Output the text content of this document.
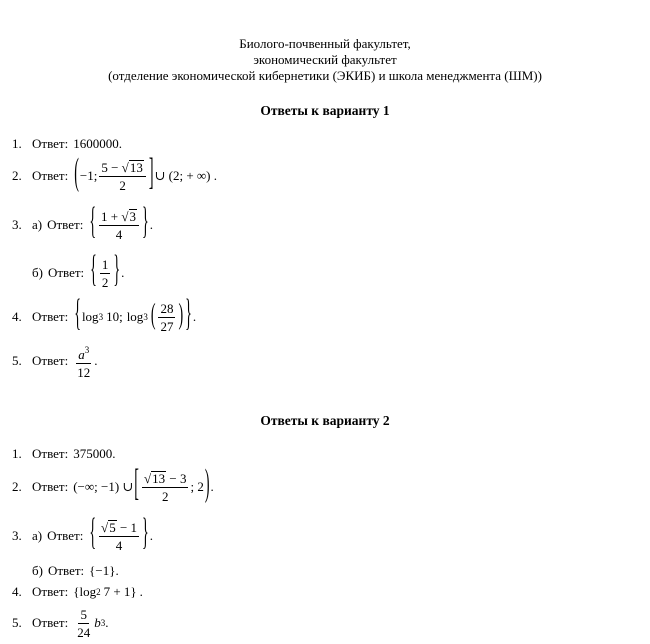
Биолого-почвенный факультет,
экономический факультет
(отделение экономической кибернетики (ЭКИБ) и школа менеджмента (ШМ))
Ответы к варианту 1
1. Ответ: 1600000.
2. Ответ: ( −1; $\frac{5 - √ 13}{2}$ ] ∪ (2; + ∞) .
3. а) Ответ: { $\frac{1 + √ 3}{4}$ } .
б) Ответ: { $\frac{1}{2}$ } .
4. Ответ: { log 3 10; log 3 ( $\frac{28}{27}$ ) } .
5. Ответ: $\frac{a^3}{12}$ .
Ответы к варианту 2
1. Ответ: 375000.
2. Ответ: (−∞; −1) ∪ [ $\frac{√ 13 - 3}{2}$ ; 2 ) .
3. а) Ответ: { $\frac{√ 5 - 1}{4}$ } .
б) Ответ: {−1}.
4. Ответ: { log 2 7 + 1 } .
5. Ответ: $\frac{5}{24}$ b 3 .
